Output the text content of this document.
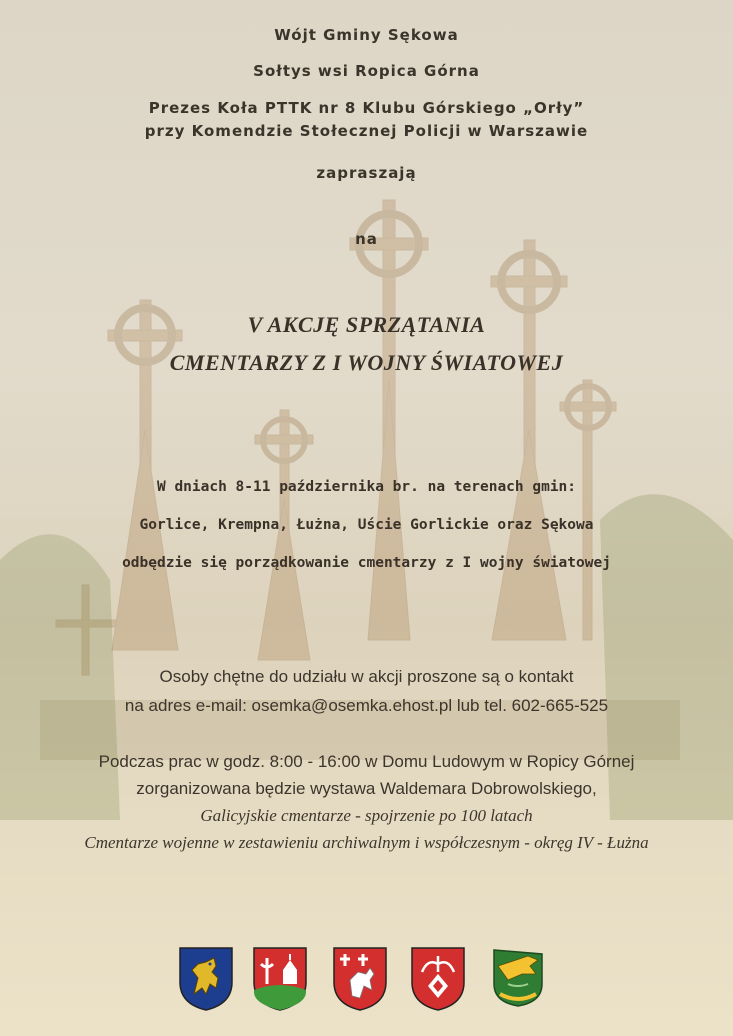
Wójt Gminy Sękowa
Sołtys wsi Ropica Górna
Prezes Koła PTTK nr 8 Klubu Górskiego „Orły”
przy Komendzie Stołecznej Policji w Warszawie
zapraszają
na
V AKCJĘ SPRZĄTANIA
CMENTARZY Z I WOJNY ŚWIATOWEJ
W dniach 8-11 października br. na terenach gmin:
Gorlice, Krempna, Łużna, Uście Gorlickie oraz Sękowa
odbędzie się porządkowanie cmentarzy z I wojny światowej
Osoby chętne do udziału w akcji proszone są o kontakt
na adres e-mail: osemka@osemka.ehost.pl lub tel. 602-665-525
Podczas prac w godz. 8:00 - 16:00 w Domu Ludowym w Ropicy Górnej
zorganizowana będzie wystawa Waldemara Dobrowolskiego,
Galicyjskie cmentarze - spojrzenie po 100 latach
Cmentarze wojenne w zestawieniu archiwalnym i współczesnym - okręg IV - Łużna
